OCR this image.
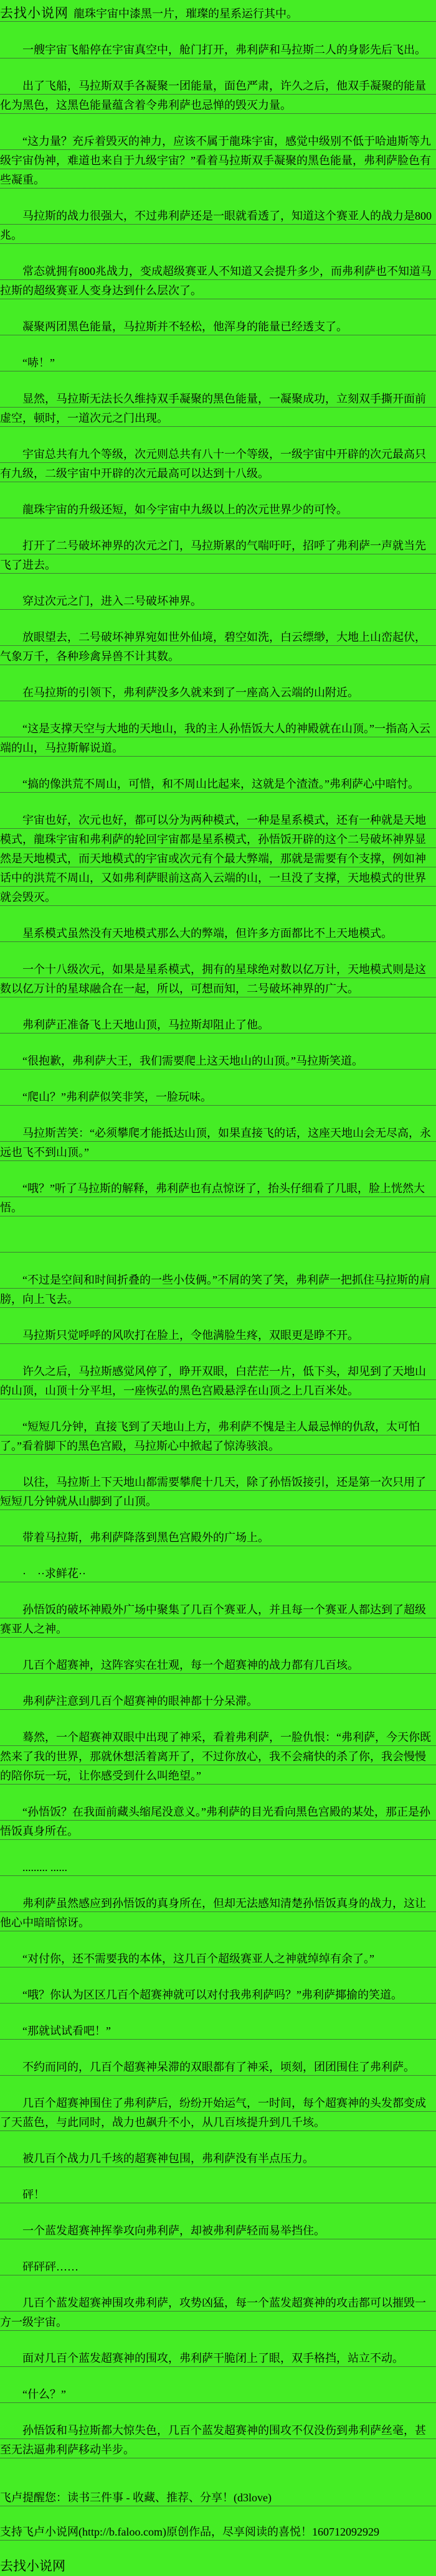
去找小说网 龍珠宇宙中漆黑一片，璀璨的星系运行其中。

一艘宇宙飞船停在宇宙真空中，舱门打开，弗利萨和马拉斯二人的身影先后飞出。

出了飞船，马拉斯双手各凝聚一团能量，面色严肃，许久之后，他双手凝聚的能量化为黑色，这黑色能量蕴含着令弗利萨也忌惮的毁灭力量。

“这力量？充斥着毁灭的神力，应该不属于龍珠宇宙，感觉中级别不低于哈迪斯等九级宇宙伪神，难道也来自于九级宇宙？”看着马拉斯双手凝聚的黑色能量，弗利萨脸色有些凝重。

马拉斯的战力很强大，不过弗利萨还是一眼就看透了，知道这个赛亚人的战力是800兆。

常态就拥有800兆战力，变成超级赛亚人不知道又会提升多少，而弗利萨也不知道马拉斯的超级赛亚人变身达到什么层次了。

凝聚两团黑色能量，马拉斯并不轻松，他浑身的能量已经透支了。

“哧！”

显然，马拉斯无法长久维持双手凝聚的黑色能量，一凝聚成功，立刻双手撕开面前虚空，顿时，一道次元之门出现。

宇宙总共有九个等级，次元则总共有八十一个等级，一级宇宙中开辟的次元最高只有九级，二级宇宙中开辟的次元最高可以达到十八级。

龍珠宇宙的升级还短，如今宇宙中九级以上的次元世界少的可怜。

打开了二号破坏神界的次元之门，马拉斯累的气喘吁吁，招呼了弗利萨一声就当先飞了进去。

穿过次元之门，进入二号破坏神界。

放眼望去，二号破坏神界宛如世外仙境，碧空如洗，白云缥缈，大地上山峦起伏，气象万千，各种珍禽异兽不计其数。

在马拉斯的引领下，弗利萨没多久就来到了一座高入云端的山附近。

“这是支撑天空与大地的天地山，我的主人孙悟饭大人的神殿就在山顶。”一指高入云端的山，马拉斯解说道。

“搞的像洪荒不周山，可惜，和不周山比起来，这就是个渣渣。”弗利萨心中暗忖。

宇宙也好，次元也好，都可以分为两种模式，一种是星系模式，还有一种就是天地模式，龍珠宇宙和弗利萨的轮回宇宙都是星系模式，孙悟饭开辟的这个二号破坏神界显然是天地模式，而天地模式的宇宙或次元有个最大弊端，那就是需要有个支撑，例如神话中的洪荒不周山，又如弗利萨眼前这高入云端的山，一旦没了支撑，天地模式的世界就会毁灭。

星系模式虽然没有天地模式那么大的弊端，但许多方面都比不上天地模式。

一个十八级次元，如果是星系模式，拥有的星球绝对数以亿万计，天地模式则是这数以亿万计的星球融合在一起，所以，可想而知，二号破坏神界的广大。

弗利萨正准备飞上天地山顶，马拉斯却阻止了他。

“很抱歉，弗利萨大王，我们需要爬上这天地山的山顶。”马拉斯笑道。

“爬山？”弗利萨似笑非笑，一脸玩味。

马拉斯苦笑：“必须攀爬才能抵达山顶，如果直接飞的话，这座天地山会无尽高，永远也飞不到山顶。”

“哦？”听了马拉斯的解释，弗利萨也有点惊讶了，抬头仔细看了几眼，脸上恍然大悟。

“不过是空间和时间折叠的一些小伎俩。”不屑的笑了笑，弗利萨一把抓住马拉斯的肩膀，向上飞去。

马拉斯只觉呼呼的风吹打在脸上，令他满脸生疼，双眼更是睁不开。

许久之后，马拉斯感觉风停了，睁开双眼，白茫茫一片，低下头，却见到了天地山的山顶，山顶十分平坦，一座恢弘的黑色宫殿悬浮在山顶之上几百米处。

“短短几分钟，直接飞到了天地山上方，弗利萨不愧是主人最忌惮的仇敌，太可怕了。”看着脚下的黑色宫殿，马拉斯心中掀起了惊涛骇浪。

以往，马拉斯上下天地山都需要攀爬十几天，除了孙悟饭接引，还是第一次只用了短短几分钟就从山脚到了山顶。

带着马拉斯，弗利萨降落到黑色宫殿外的广场上。

·　··求鲜花··

孙悟饭的破坏神殿外广场中聚集了几百个赛亚人，并且每一个赛亚人都达到了超级赛亚人之神。

几百个超赛神，这阵容实在壮观，每一个超赛神的战力都有几百垓。

弗利萨注意到几百个超赛神的眼神都十分呆滞。

蓦然，一个超赛神双眼中出现了神采，看着弗利萨，一脸仇恨：“弗利萨，今天你既然来了我的世界，那就休想活着离开了，不过你放心，我不会痛快的杀了你，我会慢慢的陪你玩一玩，让你感受到什么叫绝望。”

“孙悟饭？在我面前藏头缩尾没意义。”弗利萨的目光看向黑色宫殿的某处，那正是孙悟饭真身所在。

......... ......

弗利萨虽然感应到孙悟饭的真身所在，但却无法感知清楚孙悟饭真身的战力，这让他心中暗暗惊讶。

“对付你，还不需要我的本体，这几百个超级赛亚人之神就绰绰有余了。”

“哦？你认为区区几百个超赛神就可以对付我弗利萨吗？”弗利萨揶揄的笑道。

“那就试试看吧！”

不约而同的，几百个超赛神呆滞的双眼都有了神采，顷刻，团团围住了弗利萨。

几百个超赛神围住了弗利萨后，纷纷开始运气，一时间，每个超赛神的头发都变成了天蓝色，与此同时，战力也飙升不小，从几百垓提升到几千垓。

被几百个战力几千垓的超赛神包围，弗利萨没有半点压力。

砰！

一个蓝发超赛神挥拳攻向弗利萨，却被弗利萨轻而易举挡住。

砰砰砰……

几百个蓝发超赛神围攻弗利萨，攻势凶猛，每一个蓝发超赛神的攻击都可以摧毁一方一级宇宙。

面对几百个蓝发超赛神的围攻，弗利萨干脆闭上了眼，双手格挡，站立不动。

“什么？”

孙悟饭和马拉斯都大惊失色，几百个蓝发超赛神的围攻不仅没伤到弗利萨丝毫，甚至无法逼弗利萨移动半步。

飞卢提醒您：读书三件事 - 收藏、推荐、分享！(d3love)

支持飞卢小说网(http://b.faloo.com)原创作品，尽享阅读的喜悦！160712092929

去找小说网
